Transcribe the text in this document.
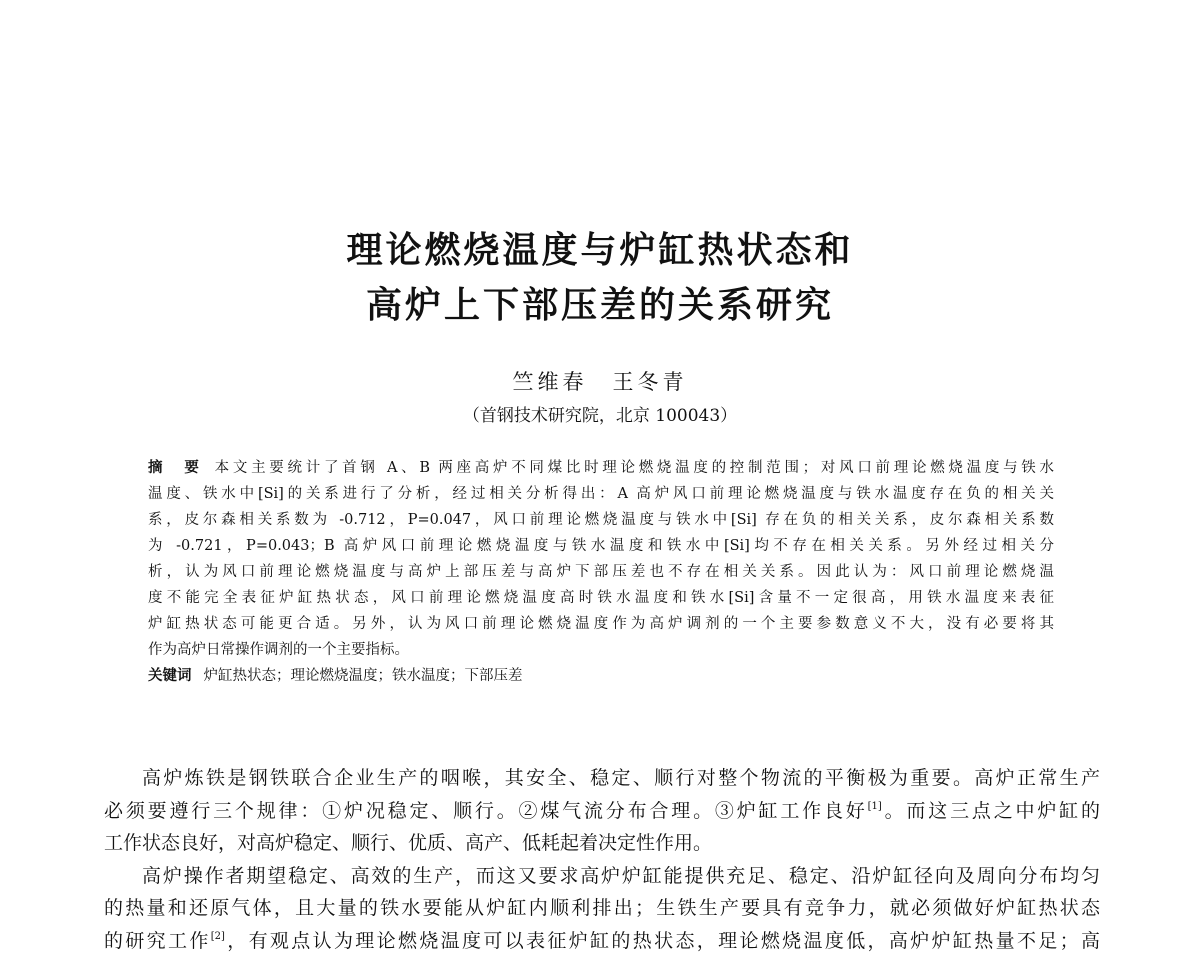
理论燃烧温度与炉缸热状态和
高炉上下部压差的关系研究
竺维春　王冬青
（首钢技术研究院，北京 100043）
摘　要 本文主要统计了首钢 A、B 两座高炉不同煤比时理论燃烧温度的控制范围；对风口前理论燃烧温度与铁水
温度、铁水中[Si]的关系进行了分析，经过相关分析得出：A 高炉风口前理论燃烧温度与铁水温度存在负的相关关
系，皮尔森相关系数为 -0.712，P=0.047，风口前理论燃烧温度与铁水中[Si] 存在负的相关关系，皮尔森相关系数
为 -0.721，P=0.043；B 高炉风口前理论燃烧温度与铁水温度和铁水中[Si]均不存在相关关系。另外经过相关分
析，认为风口前理论燃烧温度与高炉上部压差与高炉下部压差也不存在相关关系。因此认为：风口前理论燃烧温
度不能完全表征炉缸热状态，风口前理论燃烧温度高时铁水温度和铁水[Si]含量不一定很高，用铁水温度来表征
炉缸热状态可能更合适。另外，认为风口前理论燃烧温度作为高炉调剂的一个主要参数意义不大，没有必要将其
作为高炉日常操作调剂的一个主要指标。
关键词 炉缸热状态；理论燃烧温度；铁水温度；下部压差
高炉炼铁是钢铁联合企业生产的咽喉，其安全、稳定、顺行对整个物流的平衡极为重要。高炉正常生产
必须要遵行三个规律：①炉况稳定、顺行。②煤气流分布合理。③炉缸工作良好[1]。而这三点之中炉缸的
工作状态良好，对高炉稳定、顺行、优质、高产、低耗起着决定性作用。
高炉操作者期望稳定、高效的生产，而这又要求高炉炉缸能提供充足、稳定、沿炉缸径向及周向分布均匀
的热量和还原气体，且大量的铁水要能从炉缸内顺利排出；生铁生产要具有竞争力，就必须做好炉缸热状态
的研究工作[2]，有观点认为理论燃烧温度可以表征炉缸的热状态，理论燃烧温度低，高炉炉缸热量不足；高
